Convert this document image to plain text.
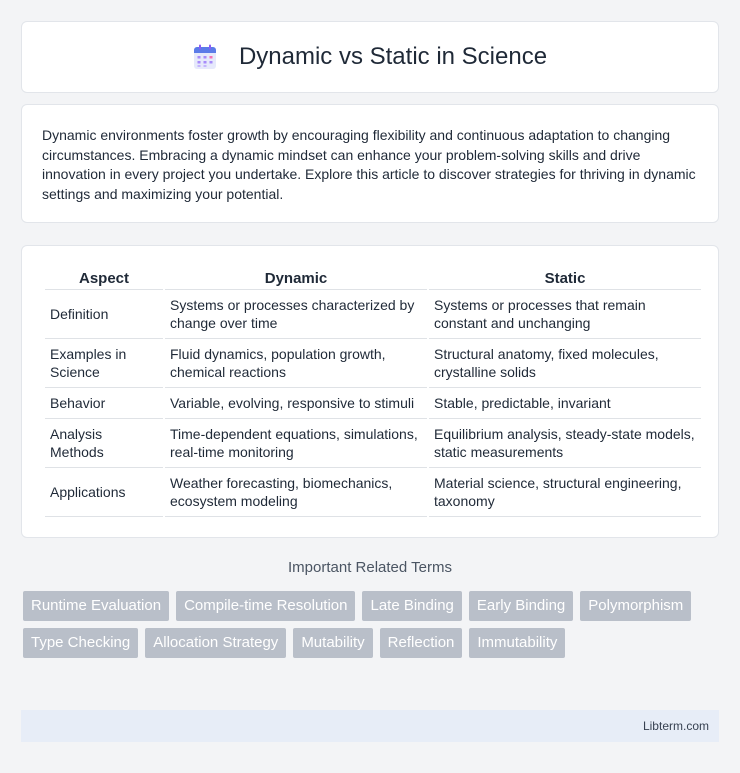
Dynamic vs Static in Science

Dynamic environments foster growth by encouraging flexibility and continuous adaptation to changing circumstances. Embracing a dynamic mindset can enhance your problem-solving skills and drive innovation in every project you undertake. Explore this article to discover strategies for thriving in dynamic settings and maximizing your potential.

Aspect	Dynamic	Static
Definition	Systems or processes characterized by change over time	Systems or processes that remain constant and unchanging
Examples in Science	Fluid dynamics, population growth, chemical reactions	Structural anatomy, fixed molecules, crystalline solids
Behavior	Variable, evolving, responsive to stimuli	Stable, predictable, invariant
Analysis Methods	Time-dependent equations, simulations, real-time monitoring	Equilibrium analysis, steady-state models, static measurements
Applications	Weather forecasting, biomechanics, ecosystem modeling	Material science, structural engineering, taxonomy
Important Related Terms
Runtime Evaluation	Compile-time Resolution	Late Binding	Early Binding	Polymorphism
Type Checking	Allocation Strategy	Mutability	Reflection	Immutability
Libterm.com
